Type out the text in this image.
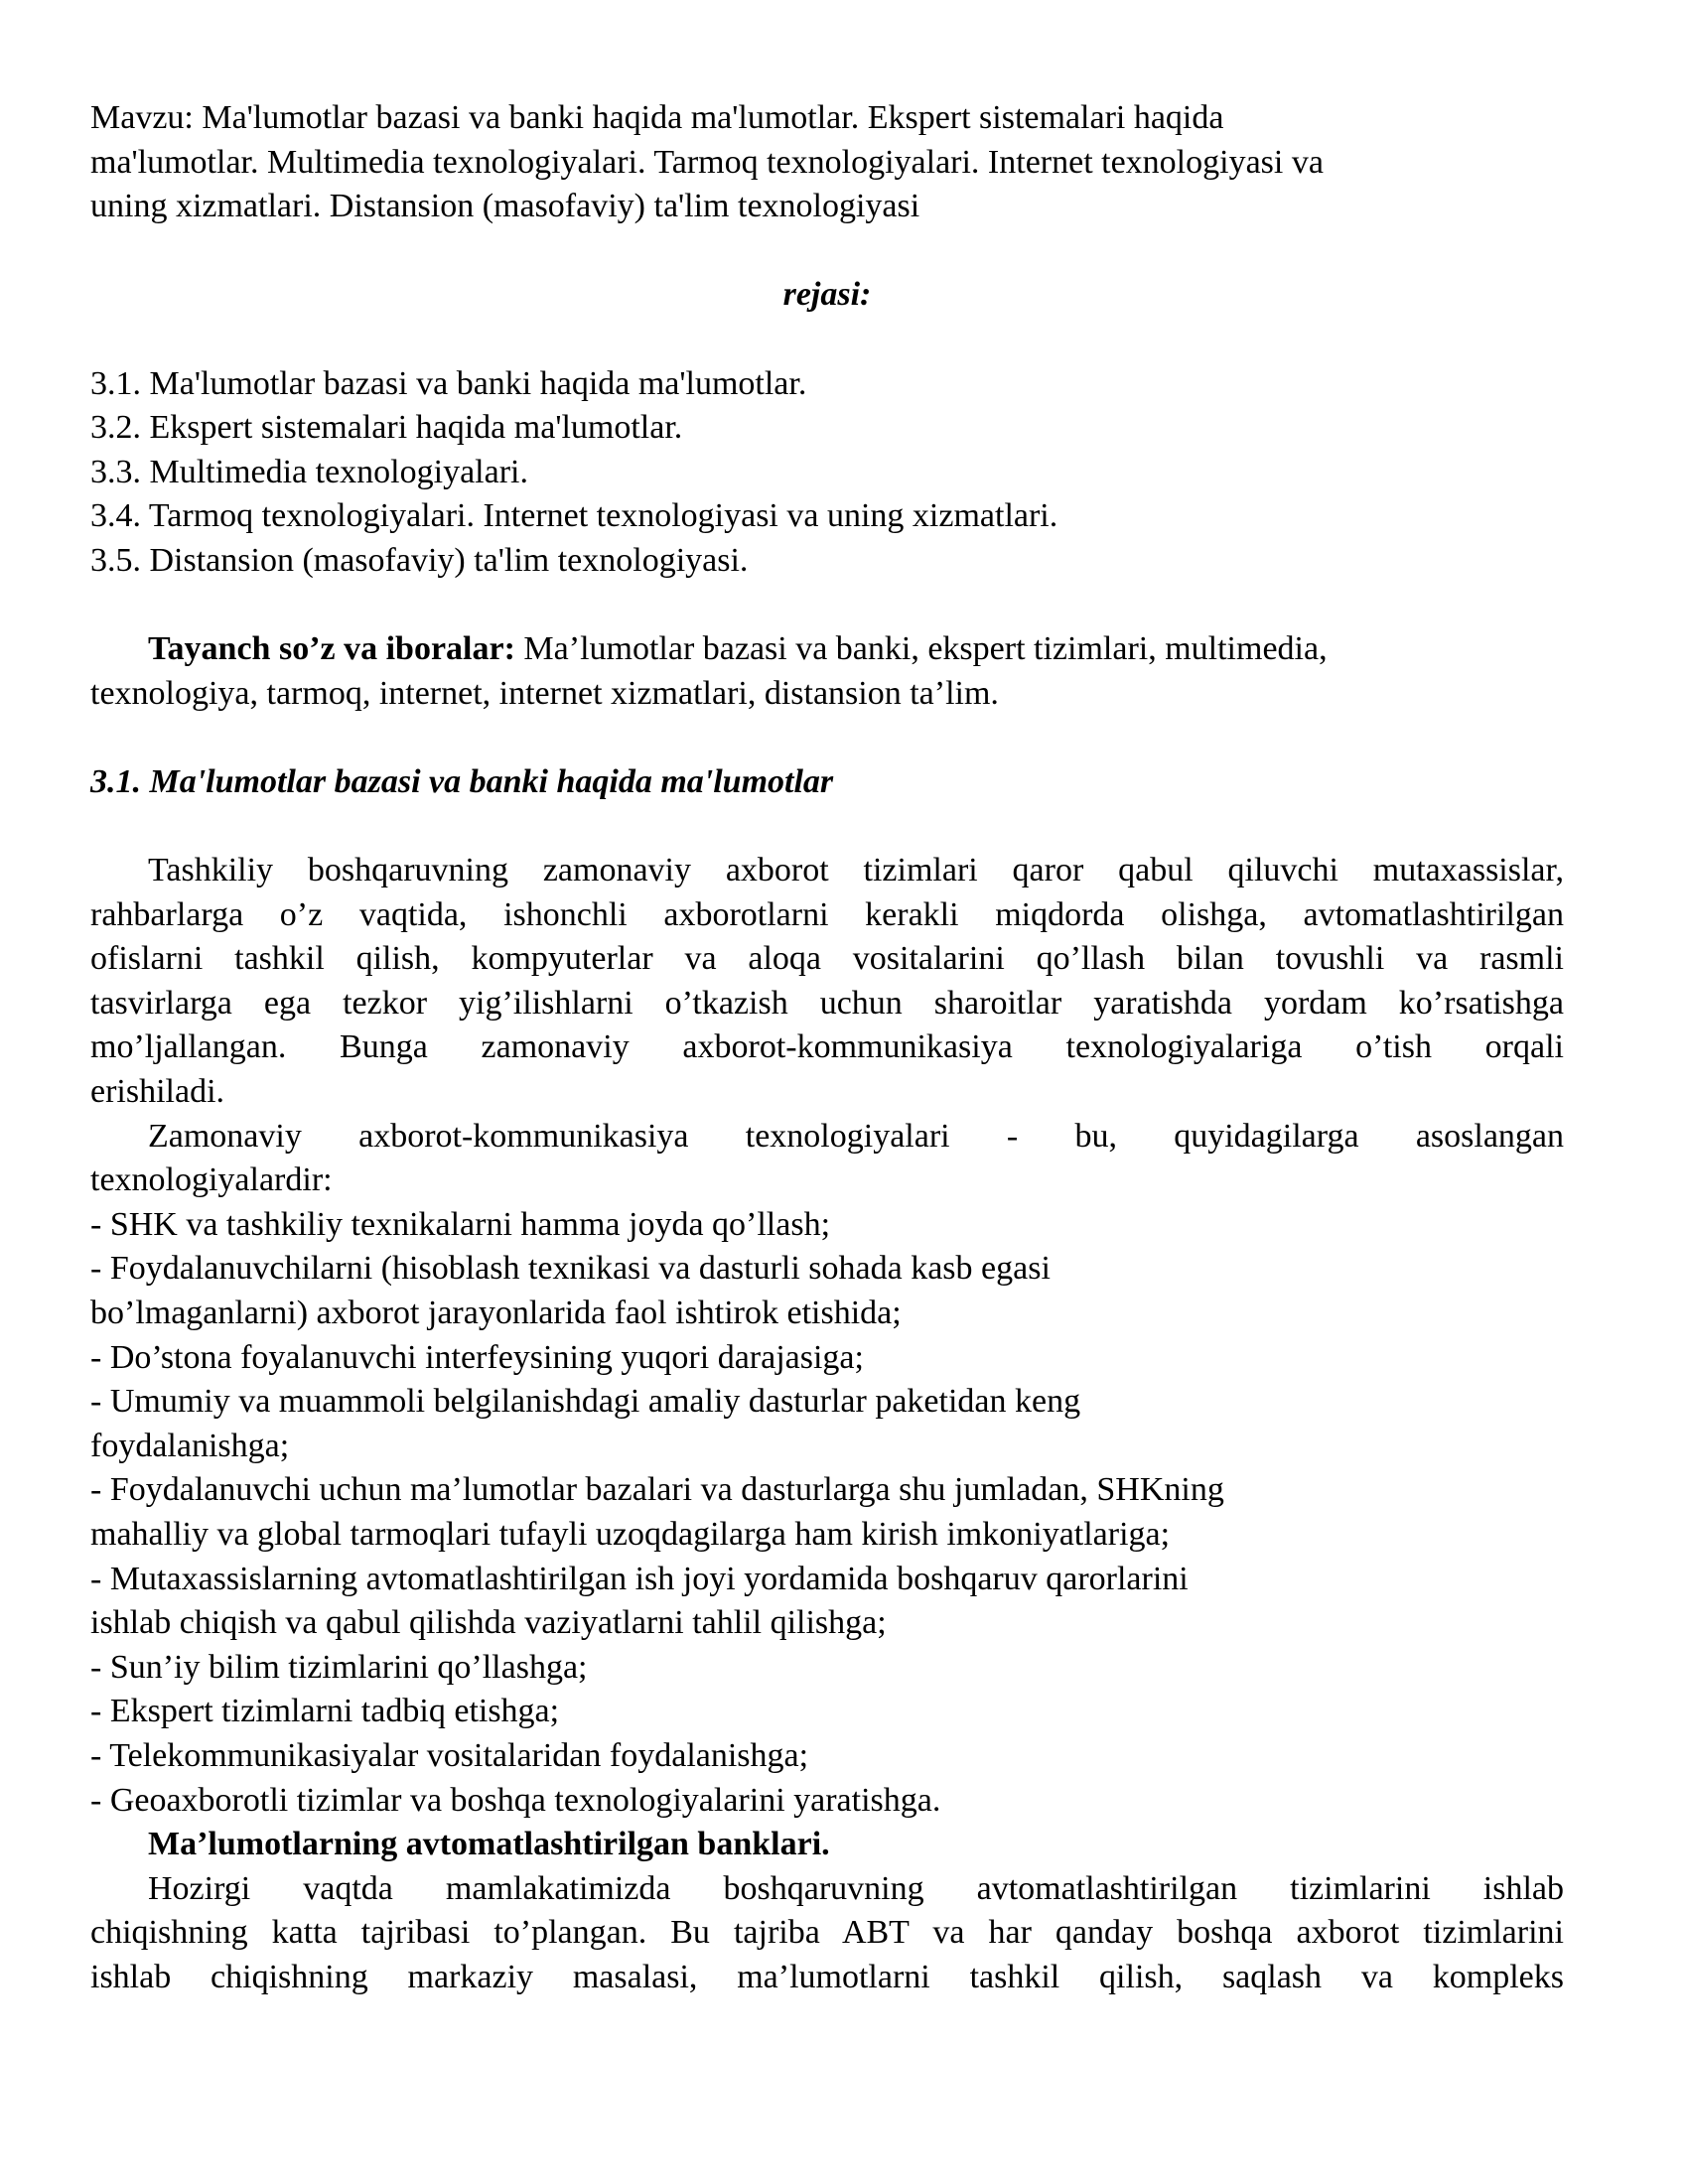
Mavzu: Ma'lumotlar bazasi va banki haqida ma'lumotlar. Ekspert sistemalari haqida
ma'lumotlar. Multimedia texnologiyalari. Tarmoq texnologiyalari. Internet texnologiyasi va
uning xizmatlari. Distansion (masofaviy) ta'lim texnologiyasi
rejasi:
3.1. Ma'lumotlar bazasi va banki haqida ma'lumotlar.
3.2. Ekspert sistemalari haqida ma'lumotlar.
3.3. Multimedia texnologiyalari.
3.4. Tarmoq texnologiyalari. Internet texnologiyasi va uning xizmatlari.
3.5. Distansion (masofaviy) ta'lim texnologiyasi.
Tayanch so’z va iboralar: Ma’lumotlar bazasi va banki, ekspert tizimlari, multimedia,
texnologiya, tarmoq, internet, internet xizmatlari, distansion ta’lim.
3.1. Ma'lumotlar bazasi va banki haqida ma'lumotlar
Tashkiliy boshqaruvning zamonaviy axborot tizimlari qaror qabul qiluvchi mutaxassislar,
rahbarlarga o’z vaqtida, ishonchli axborotlarni kerakli miqdorda olishga, avtomatlashtirilgan
ofislarni tashkil qilish, kompyuterlar va aloqa vositalarini qo’llash bilan tovushli va rasmli
tasvirlarga ega tezkor yig’ilishlarni o’tkazish uchun sharoitlar yaratishda yordam ko’rsatishga
mo’ljallangan. Bunga zamonaviy axborot-kommunikasiya texnologiyalariga o’tish orqali
erishiladi.
Zamonaviy axborot-kommunikasiya texnologiyalari - bu, quyidagilarga asoslangan
texnologiyalardir:
- SHK va tashkiliy texnikalarni hamma joyda qo’llash;
- Foydalanuvchilarni (hisoblash texnikasi va dasturli sohada kasb egasi
bo’lmaganlarni) axborot jarayonlarida faol ishtirok etishida;
- Do’stona foyalanuvchi interfeysining yuqori darajasiga;
- Umumiy va muammoli belgilanishdagi amaliy dasturlar paketidan keng
foydalanishga;
- Foydalanuvchi uchun ma’lumotlar bazalari va dasturlarga shu jumladan, SHKning
mahalliy va global tarmoqlari tufayli uzoqdagilarga ham kirish imkoniyatlariga;
- Mutaxassislarning avtomatlashtirilgan ish joyi yordamida boshqaruv qarorlarini
ishlab chiqish va qabul qilishda vaziyatlarni tahlil qilishga;
- Sun’iy bilim tizimlarini qo’llashga;
- Ekspert tizimlarni tadbiq etishga;
- Telekommunikasiyalar vositalaridan foydalanishga;
- Geoaxborotli tizimlar va boshqa texnologiyalarini yaratishga.
Ma’lumotlarning avtomatlashtirilgan banklari.
Hozirgi vaqtda mamlakatimizda boshqaruvning avtomatlashtirilgan tizimlarini ishlab
chiqishning katta tajribasi to’plangan. Bu tajriba ABT va har qanday boshqa axborot tizimlarini
ishlab chiqishning markaziy masalasi, ma’lumotlarni tashkil qilish, saqlash va kompleks
